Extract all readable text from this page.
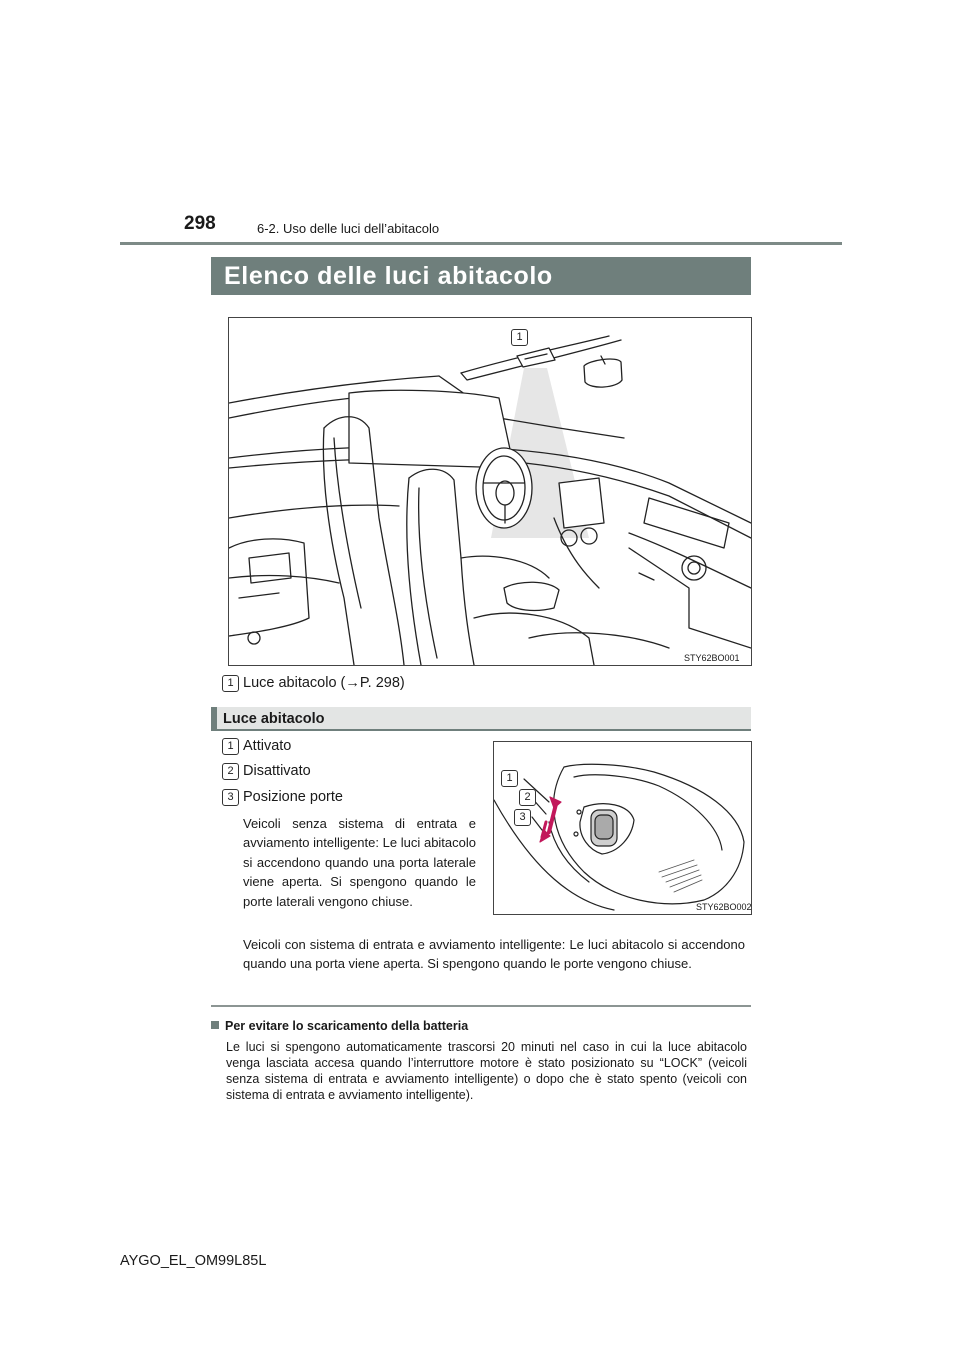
298	6-2. Uso delle luci dell’abitacolo
Elenco delle luci abitacolo
1
STY62BO001
1 Luce abitacolo (→P. 298)
Luce abitacolo
1 Attivato
2 Disattivato
3 Posizione porte

Veicoli senza sistema di entrata e avviamento intelligente: Le luci abitacolo si accendono quando una porta laterale viene aperta. Si spengono quando le porte laterali vengono chiuse.

1
2
3
STY62BO002

Veicoli con sistema di entrata e avviamento intelligente: Le luci abitacolo si accendono quando una porta viene aperta. Si spengono quando le porte vengono chiuse.

Per evitare lo scaricamento della batteria

Le luci si spengono automaticamente trascorsi 20 minuti nel caso in cui la luce abitacolo venga lasciata accesa quando l’interruttore motore è stato posizionato su “LOCK” (veicoli senza sistema di entrata e avviamento intelligente) o dopo che è stato spento (veicoli con sistema di entrata e avviamento intelligente).

AYGO_EL_OM99L85L
